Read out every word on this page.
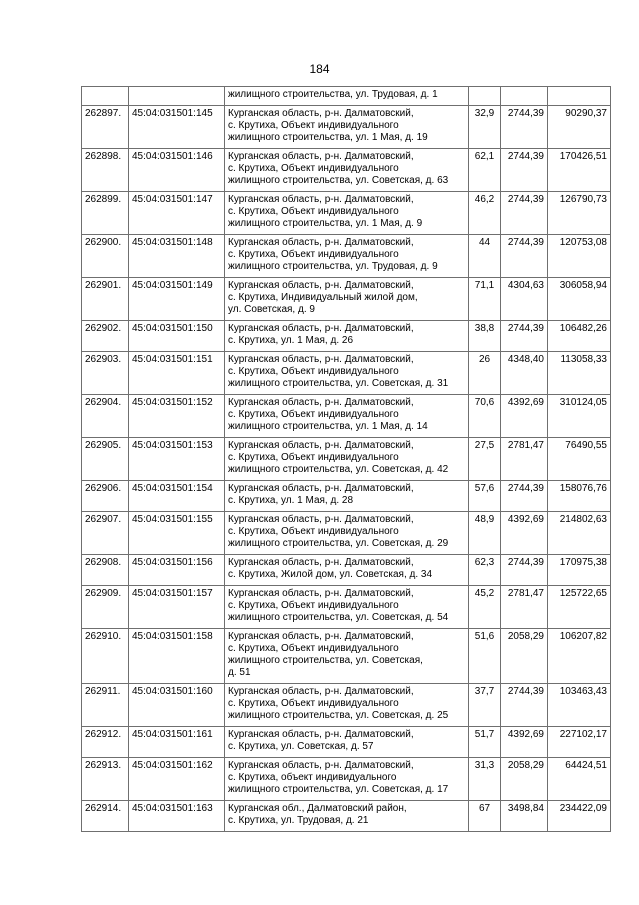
184

		жилищного строительства, ул. Трудовая, д. 1			

262897.	45:04:031501:145	Курганская область, р-н. Далматовский,
с. Крутиха, Объект индивидуального
жилищного строительства, ул. 1 Мая, д. 19	32,9	2744,39	90290,37
262898.	45:04:031501:146	Курганская область, р-н. Далматовский,
с. Крутиха, Объект индивидуального
жилищного строительства, ул. Советская, д. 63	62,1	2744,39	170426,51
262899.	45:04:031501:147	Курганская область, р-н. Далматовский,
с. Крутиха, Объект индивидуального
жилищного строительства, ул. 1 Мая, д. 9	46,2	2744,39	126790,73
262900.	45:04:031501:148	Курганская область, р-н. Далматовский,
с. Крутиха, Объект индивидуального
жилищного строительства, ул. Трудовая, д. 9	44	2744,39	120753,08
262901.	45:04:031501:149	Курганская область, р-н. Далматовский,
с. Крутиха, Индивидуальный жилой дом,
ул. Советская, д. 9	71,1	4304,63	306058,94
262902.	45:04:031501:150	Курганская область, р-н. Далматовский,
с. Крутиха, ул. 1 Мая, д. 26	38,8	2744,39	106482,26
262903.	45:04:031501:151	Курганская область, р-н. Далматовский,
с. Крутиха, Объект индивидуального
жилищного строительства, ул. Советская, д. 31	26	4348,40	113058,33
262904.	45:04:031501:152	Курганская область, р-н. Далматовский,
с. Крутиха, Объект индивидуального
жилищного строительства, ул. 1 Мая, д. 14	70,6	4392,69	310124,05
262905.	45:04:031501:153	Курганская область, р-н. Далматовский,
с. Крутиха, Объект индивидуального
жилищного строительства, ул. Советская, д. 42	27,5	2781,47	76490,55
262906.	45:04:031501:154	Курганская область, р-н. Далматовский,
с. Крутиха, ул. 1 Мая, д. 28	57,6	2744,39	158076,76
262907.	45:04:031501:155	Курганская область, р-н. Далматовский,
с. Крутиха, Объект индивидуального
жилищного строительства, ул. Советская, д. 29	48,9	4392,69	214802,63
262908.	45:04:031501:156	Курганская область, р-н. Далматовский,
с. Крутиха, Жилой дом, ул. Советская, д. 34	62,3	2744,39	170975,38
262909.	45:04:031501:157	Курганская область, р-н. Далматовский,
с. Крутиха, Объект индивидуального
жилищного строительства, ул. Советская, д. 54	45,2	2781,47	125722,65
262910.	45:04:031501:158	Курганская область, р-н. Далматовский,
с. Крутиха, Объект индивидуального
жилищного строительства, ул. Советская,
д. 51	51,6	2058,29	106207,82
262911.	45:04:031501:160	Курганская область, р-н. Далматовский,
с. Крутиха, Объект индивидуального
жилищного строительства, ул. Советская, д. 25	37,7	2744,39	103463,43
262912.	45:04:031501:161	Курганская область, р-н. Далматовский,
с. Крутиха, ул. Советская, д. 57	51,7	4392,69	227102,17
262913.	45:04:031501:162	Курганская область, р-н. Далматовский,
с. Крутиха, объект индивидуального
жилищного строительства, ул. Советская, д. 17	31,3	2058,29	64424,51
262914.	45:04:031501:163	Курганская обл., Далматовский район,
с. Крутиха, ул. Трудовая, д. 21	67	3498,84	234422,09
